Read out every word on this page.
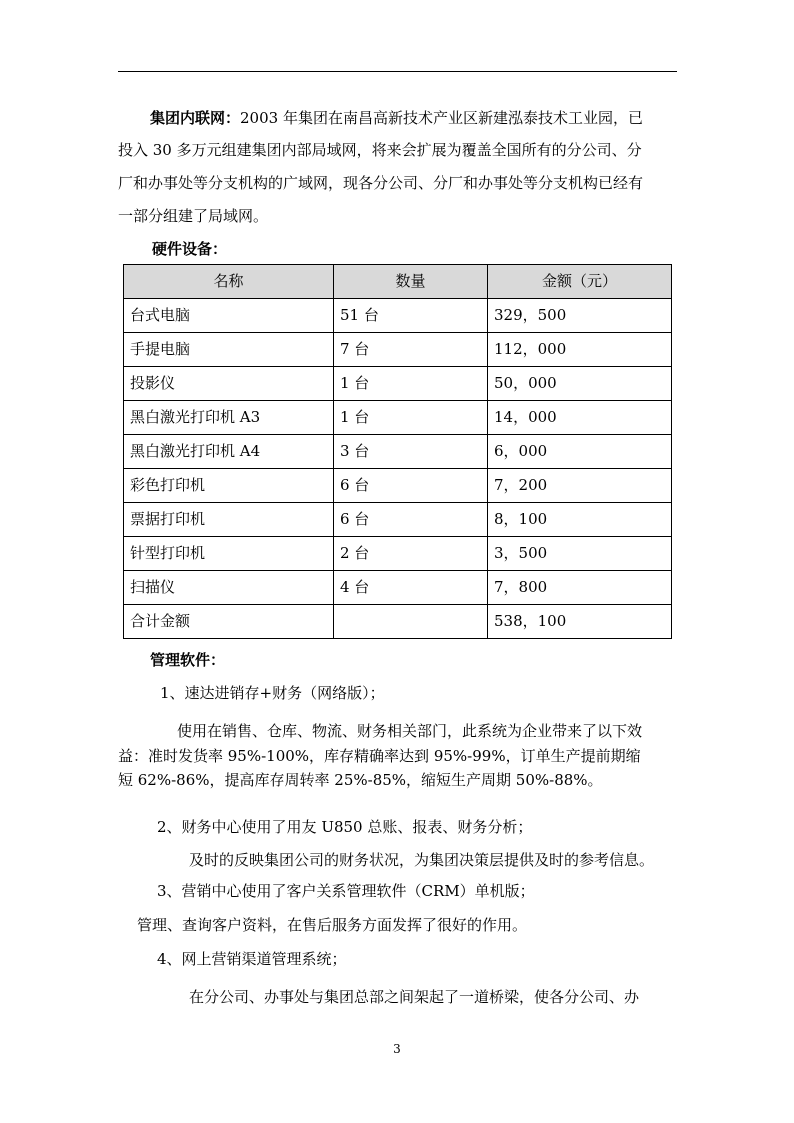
集团内联网：2003 年集团在南昌高新技术产业区新建泓泰技术工业园，已
投入 30 多万元组建集团内部局域网，将来会扩展为覆盖全国所有的分公司、分
厂和办事处等分支机构的广域网，现各分公司、分厂和办事处等分支机构已经有
一部分组建了局域网。
硬件设备：
名称	数量	金额（元）
台式电脑	51 台	329，500
手提电脑	7 台	112，000
投影仪	1 台	50，000
黑白激光打印机 A3	1 台	14，000
黑白激光打印机 A4	3 台	6，000
彩色打印机	6 台	7，200
票据打印机	6 台	8，100
针型打印机	2 台	3，500
扫描仪	4 台	7，800
合计金额		538，100
管理软件：
1、速达进销存+财务（网络版）；
使用在销售、仓库、物流、财务相关部门，此系统为企业带来了以下效
益：准时发货率 95%-100%，库存精确率达到 95%-99%，订单生产提前期缩
短 62%-86%，提高库存周转率 25%-85%，缩短生产周期 50%-88%。
2、财务中心使用了用友 U850 总账、报表、财务分析；
及时的反映集团公司的财务状况，为集团决策层提供及时的参考信息。
3、营销中心使用了客户关系管理软件（CRM）单机版；
管理、查询客户资料，在售后服务方面发挥了很好的作用。
4、网上营销渠道管理系统；
在分公司、办事处与集团总部之间架起了一道桥梁，使各分公司、办
3
